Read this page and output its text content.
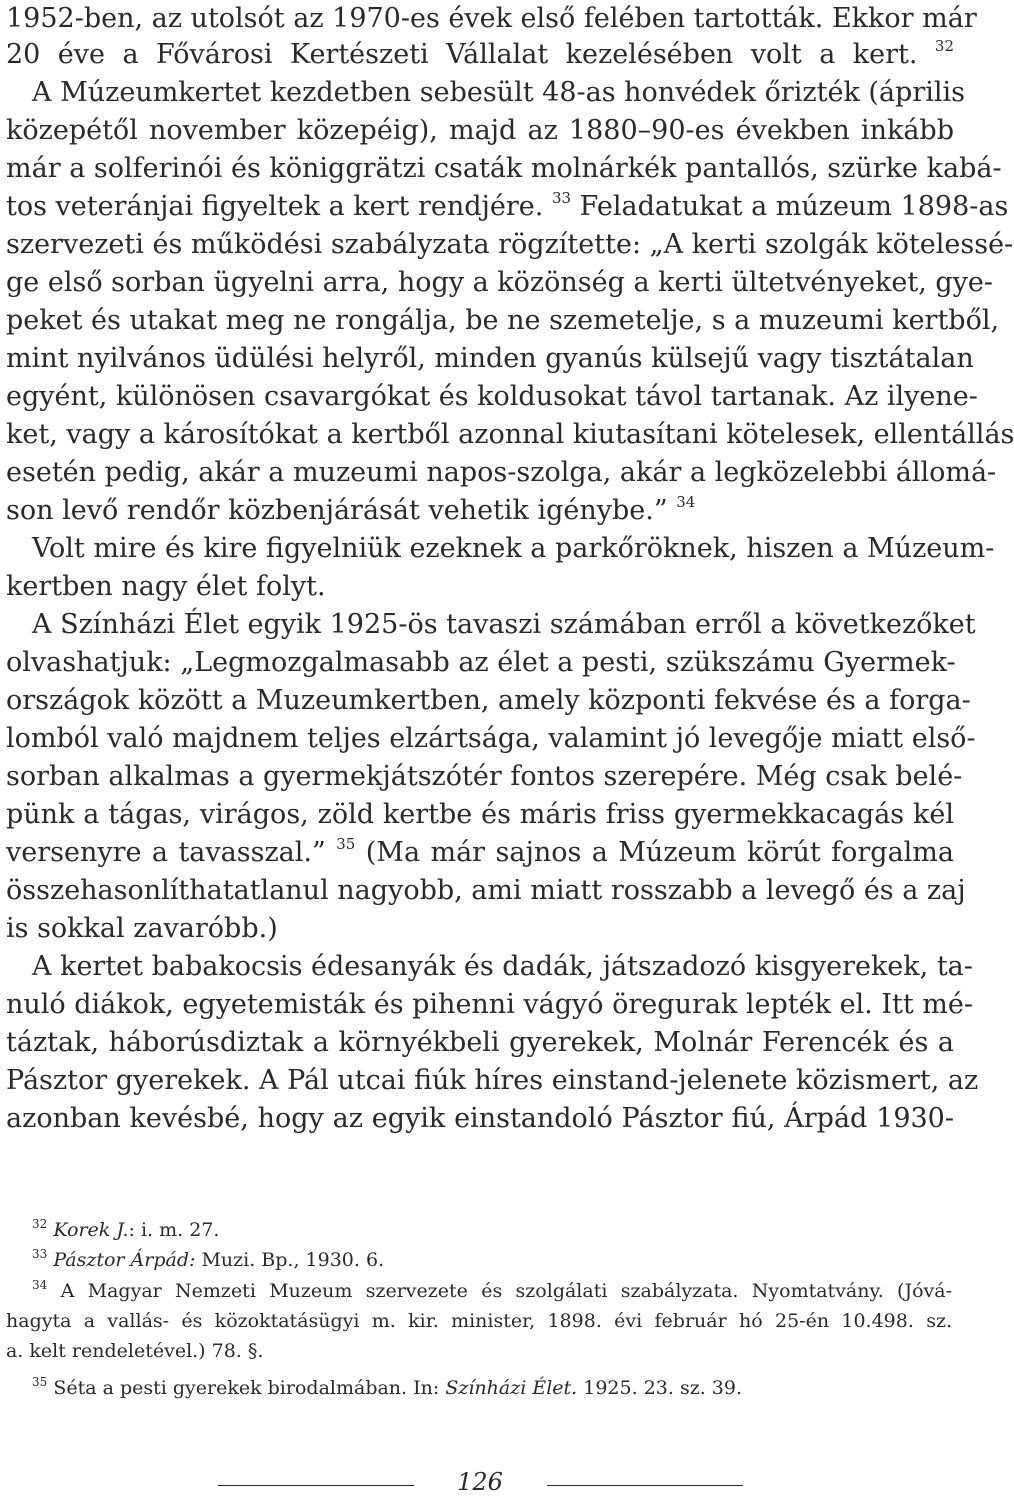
1952-ben, az utolsót az 1970-es évek első felében tartották. Ekkor már
20 éve a Fővárosi Kertészeti Vállalat kezelésében volt a kert. $^{32}$
A Múzeumkertet kezdetben sebesült 48-as honvédek őrizték (április
közepétől november közepéig), majd az 1880–90-es években inkább
már a solferinói és königgrätzi csaták molnárkék pantallós, szürke kabá-
tos veteránjai figyeltek a kert rendjére. $^{33}$ Feladatukat a múzeum 1898-as
szervezeti és működési szabályzata rögzítette: „A kerti szolgák kötelessé-
ge első sorban ügyelni arra, hogy a közönség a kerti ültetvényeket, gye-
peket és utakat meg ne rongálja, be ne szemetelje, s a muzeumi kertből,
mint nyilvános üdülési helyről, minden gyanús külsejű vagy tisztátalan
egyént, különösen csavargókat és koldusokat távol tartanak. Az ilyene-
ket, vagy a károsítókat a kertből azonnal kiutasítani kötelesek, ellentállás
esetén pedig, akár a muzeumi napos-szolga, akár a legközelebbi állomá-
son levő rendőr közbenjárását vehetik igénybe.” $^{34}$
Volt mire és kire figyelniük ezeknek a parkőröknek, hiszen a Múzeum-
kertben nagy élet folyt.
A Színházi Élet egyik 1925-ös tavaszi számában erről a következőket
olvashatjuk: „Legmozgalmasabb az élet a pesti, szükszámu Gyermek-
országok között a Muzeumkertben, amely központi fekvése és a forga-
lomból való majdnem teljes elzártsága, valamint jó levegője miatt első-
sorban alkalmas a gyermekjátszótér fontos szerepére. Még csak belé-
pünk a tágas, virágos, zöld kertbe és máris friss gyermekkacagás kél
versenyre a tavasszal.” $^{35}$ (Ma már sajnos a Múzeum körút forgalma
összehasonlíthatatlanul nagyobb, ami miatt rosszabb a levegő és a zaj
is sokkal zavaróbb.)
A kertet babakocsis édesanyák és dadák, játszadozó kisgyerekek, ta-
nuló diákok, egyetemisták és pihenni vágyó öregurak lepték el. Itt mé-
táztak, háborúsdiztak a környékbeli gyerekek, Molnár Ferencék és a
Pásztor gyerekek. A Pál utcai fiúk híres einstand-jelenete közismert, az
azonban kevésbé, hogy az egyik einstandoló Pásztor fiú, Árpád 1930-
$^{32}$ Korek J.: i. m. 27.
$^{33}$ Pásztor Árpád: Muzi. Bp., 1930. 6.
$^{34}$ A Magyar Nemzeti Muzeum szervezete és szolgálati szabályzata. Nyomtatvány. (Jóvá-
hagyta a vallás- és közoktatásügyi m. kir. minister, 1898. évi február hó 25-én 10.498. sz.
a. kelt rendeletével.) 78. §.
$^{35}$ Séta a pesti gyerekek birodalmában. In: Színházi Élet. 1925. 23. sz. 39.
126
